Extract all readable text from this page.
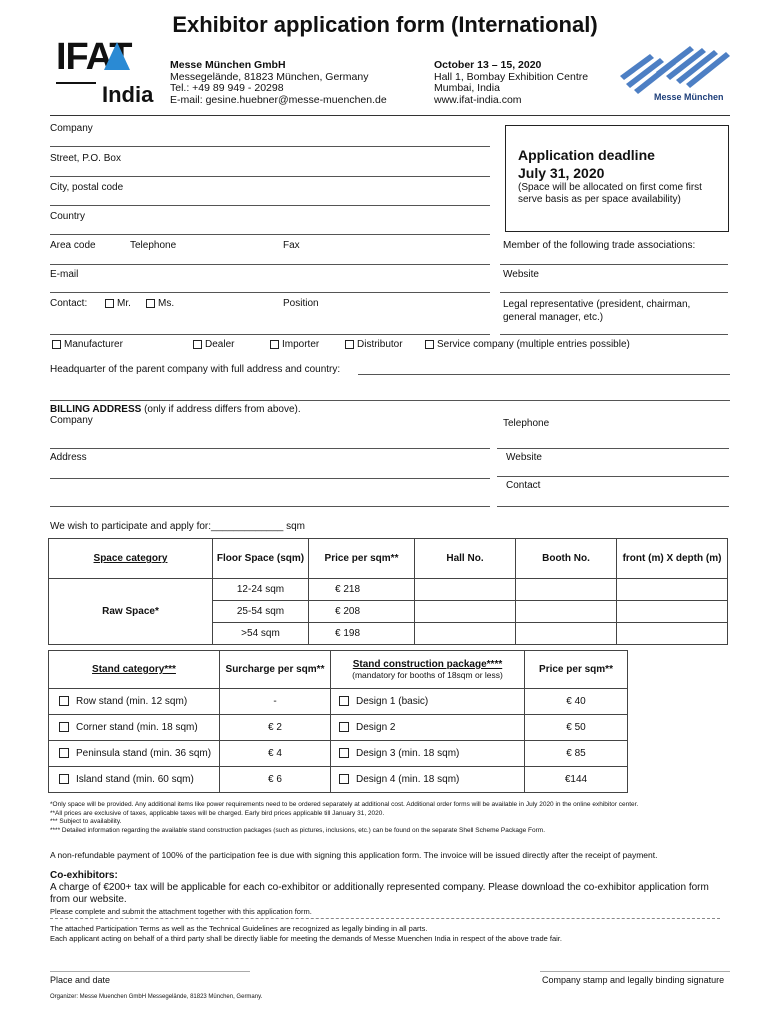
Exhibitor application form (International)
IFAT
India
Messe München GmbH
Messegelände, 81823 München, Germany
Tel.: +49 89 949 - 20298
E-mail: gesine.huebner@messe-muenchen.de
October 13 – 15, 2020
Hall 1, Bombay Exhibition Centre
Mumbai, India
www.ifat-india.com	Messe München
Company
Street, P.O. Box
City, postal code
Country
Application deadline
July 31, 2020
(Space will be allocated on first come first serve basis as per space availability)
Area code	Telephone	Fax	Member of the following trade associations:
E-mail	Website
Contact:	Mr.	Ms.	Position	Legal representative (president, chairman, general manager, etc.)
Manufacturer	Dealer	Importer	Distributor	Service company (multiple entries possible)
Headquarter of the parent company with full address and country:
BILLING ADDRESS (only if address differs from above).
Company	Telephone
Address	Website
Contact
We wish to participate and apply for:_____________ sqm
Space category	Floor Space (sqm)	Price per sqm**	Hall No.	Booth No.	front (m) X depth (m)
Raw Space*	12-24 sqm	€ 218			
	25-54 sqm	€ 208			
	>54 sqm	€ 198			
Stand category***	Surcharge per sqm**	Stand construction package****
(mandatory for booths of 18sqm or less)	Price per sqm**
Row stand (min. 12 sqm)	-	Design 1 (basic)	€ 40
Corner stand (min. 18 sqm)	€ 2	Design 2	€ 50
Peninsula stand (min. 36 sqm)	€ 4	Design 3 (min. 18 sqm)	€ 85
Island stand (min. 60 sqm)	€ 6	Design 4 (min. 18 sqm)	€144
*Only space will be provided. Any additional items like power requirements need to be ordered separately at additional cost. Additional order forms will be available in July 2020 in the online exhibitor center.
**All prices are exclusive of taxes, applicable taxes will be charged. Early bird prices applicable till January 31, 2020.
*** Subject to availability.
**** Detailed information regarding the available stand construction packages (such as pictures, inclusions, etc.) can be found on the separate Shell Scheme Package Form.
A non-refundable payment of 100% of the participation fee is due with signing this application form. The invoice will be issued directly after the receipt of payment.
Co-exhibitors:
A charge of €200+ tax will be applicable for each co-exhibitor or additionally represented company. Please download the co-exhibitor application form from our website.
Please complete and submit the attachment together with this application form.
The attached Participation Terms as well as the Technical Guidelines are recognized as legally binding in all parts.
Each applicant acting on behalf of a third party shall be directly liable for meeting the demands of Messe Muenchen India in respect of the above trade fair.
Place and date	Company stamp and legally binding signature
Organizer: Messe Muenchen GmbH Messegelände, 81823 München, Germany.
